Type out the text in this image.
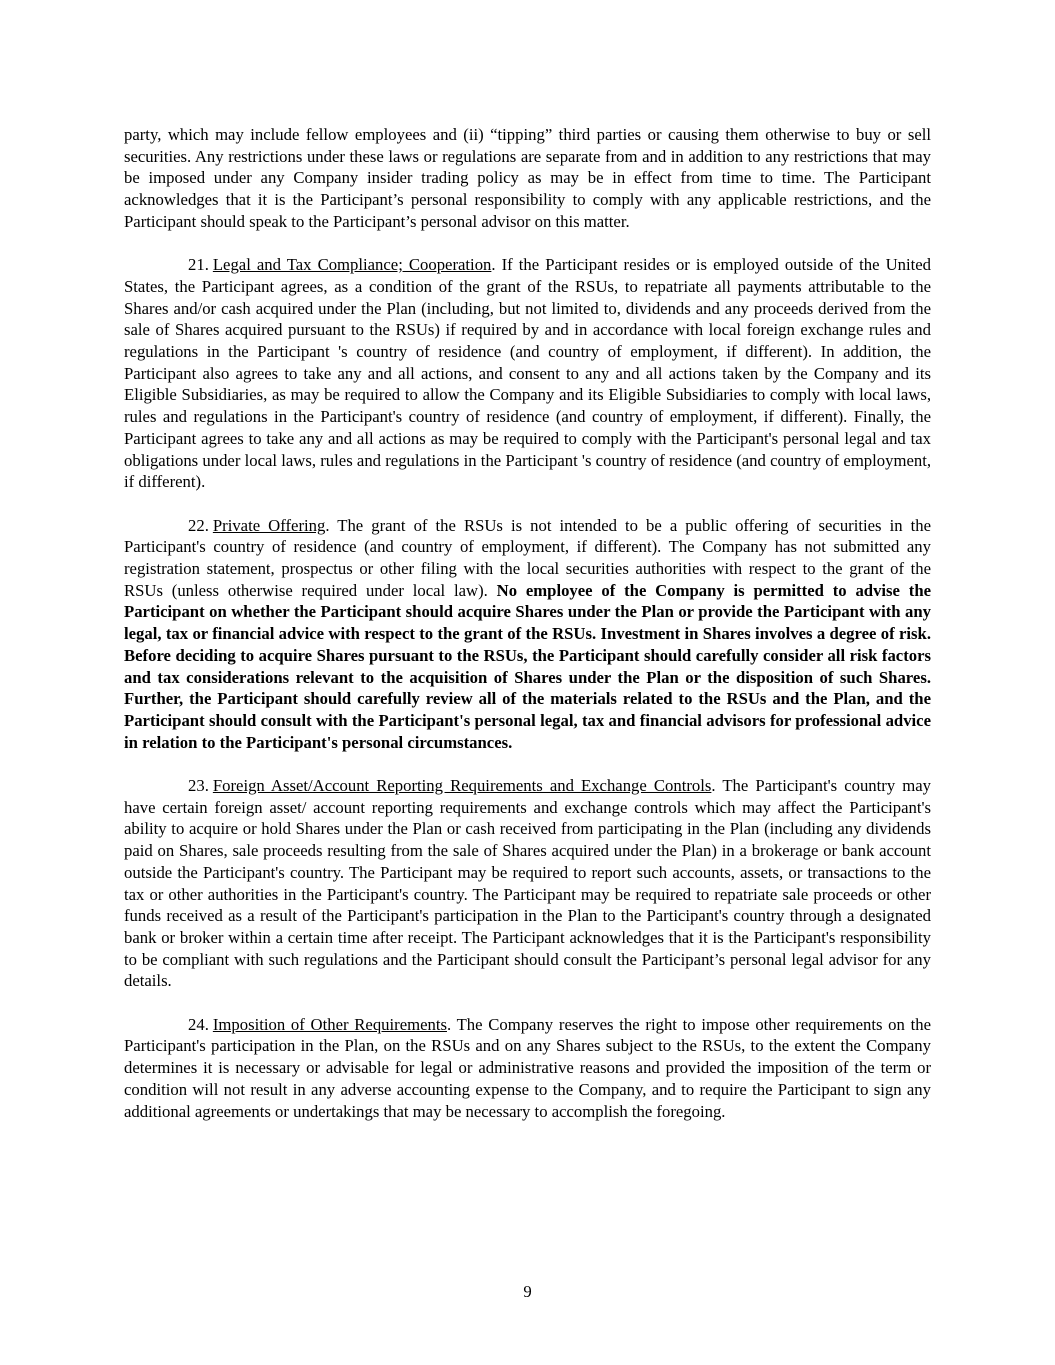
party, which may include fellow employees and (ii) “tipping” third parties or causing them otherwise to buy or sell securities. Any restrictions under these laws or regulations are separate from and in addition to any restrictions that may be imposed under any Company insider trading policy as may be in effect from time to time. The Participant acknowledges that it is the Participant’s personal responsibility to comply with any applicable restrictions, and the Participant should speak to the Participant’s personal advisor on this matter.

21. Legal and Tax Compliance; Cooperation. If the Participant resides or is employed outside of the United States, the Participant agrees, as a condition of the grant of the RSUs, to repatriate all payments attributable to the Shares and/or cash acquired under the Plan (including, but not limited to, dividends and any proceeds derived from the sale of Shares acquired pursuant to the RSUs) if required by and in accordance with local foreign exchange rules and regulations in the Participant 's country of residence (and country of employment, if different). In addition, the Participant also agrees to take any and all actions, and consent to any and all actions taken by the Company and its Eligible Subsidiaries, as may be required to allow the Company and its Eligible Subsidiaries to comply with local laws, rules and regulations in the Participant's country of residence (and country of employment, if different). Finally, the Participant agrees to take any and all actions as may be required to comply with the Participant's personal legal and tax obligations under local laws, rules and regulations in the Participant 's country of residence (and country of employment, if different).

22. Private Offering. The grant of the RSUs is not intended to be a public offering of securities in the Participant's country of residence (and country of employment, if different). The Company has not submitted any registration statement, prospectus or other filing with the local securities authorities with respect to the grant of the RSUs (unless otherwise required under local law). No employee of the Company is permitted to advise the Participant on whether the Participant should acquire Shares under the Plan or provide the Participant with any legal, tax or financial advice with respect to the grant of the RSUs. Investment in Shares involves a degree of risk. Before deciding to acquire Shares pursuant to the RSUs, the Participant should carefully consider all risk factors and tax considerations relevant to the acquisition of Shares under the Plan or the disposition of such Shares. Further, the Participant should carefully review all of the materials related to the RSUs and the Plan, and the Participant should consult with the Participant's personal legal, tax and financial advisors for professional advice in relation to the Participant's personal circumstances.

23. Foreign Asset/Account Reporting Requirements and Exchange Controls. The Participant's country may have certain foreign asset/ account reporting requirements and exchange controls which may affect the Participant's ability to acquire or hold Shares under the Plan or cash received from participating in the Plan (including any dividends paid on Shares, sale proceeds resulting from the sale of Shares acquired under the Plan) in a brokerage or bank account outside the Participant's country. The Participant may be required to report such accounts, assets, or transactions to the tax or other authorities in the Participant's country. The Participant may be required to repatriate sale proceeds or other funds received as a result of the Participant's participation in the Plan to the Participant's country through a designated bank or broker within a certain time after receipt. The Participant acknowledges that it is the Participant's responsibility to be compliant with such regulations and the Participant should consult the Participant’s personal legal advisor for any details.

24. Imposition of Other Requirements. The Company reserves the right to impose other requirements on the Participant's participation in the Plan, on the RSUs and on any Shares subject to the RSUs, to the extent the Company determines it is necessary or advisable for legal or administrative reasons and provided the imposition of the term or condition will not result in any adverse accounting expense to the Company, and to require the Participant to sign any additional agreements or undertakings that may be necessary to accomplish the foregoing.

9
